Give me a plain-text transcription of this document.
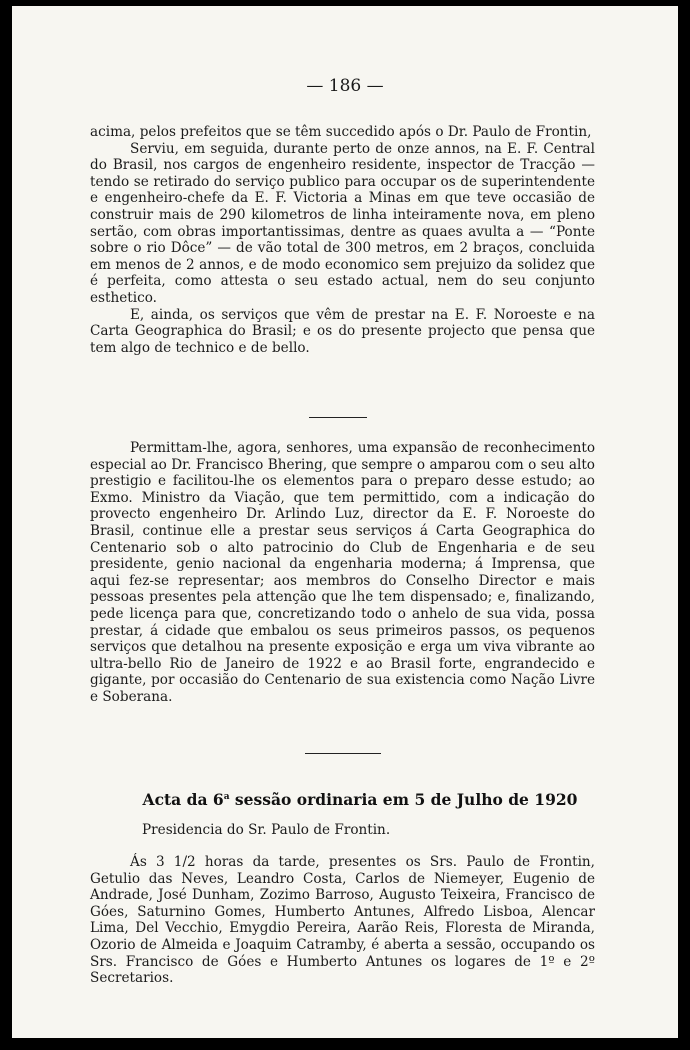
— 186 —

acima, pelos prefeitos que se têm succedido após o Dr. Paulo de Frontin,

Serviu, em seguida, durante perto de onze annos, na E. F. Central do Brasil, nos cargos de engenheiro residente, inspector de Tracção — tendo se retirado do serviço publico para occupar os de superintendente e engenheiro-chefe da E. F. Victoria a Minas em que teve occasião de construir mais de 290 kilometros de linha inteiramente nova, em pleno sertão, com obras importantissimas, dentre as quaes avulta a — “Ponte sobre o rio Dôce” — de vão total de 300 metros, em 2 braços, concluida em menos de 2 annos, e de modo economico sem prejuizo da solidez que é perfeita, como attesta o seu estado actual, nem do seu conjunto esthetico.

E, ainda, os serviços que vêm de prestar na E. F. Noroeste e na Carta Geographica do Brasil; e os do presente projecto que pensa que tem algo de technico e de bello.

Permittam-lhe, agora, senhores, uma expansão de reconhecimento especial ao Dr. Francisco Bhering, que sempre o amparou com o seu alto prestigio e facilitou-lhe os elementos para o preparo desse estudo; ao Exmo. Ministro da Viação, que tem permittido, com a indicação do provecto engenheiro Dr. Arlindo Luz, director da E. F. Noroeste do Brasil, continue elle a prestar seus serviços á Carta Geographica do Centenario sob o alto patrocinio do Club de Engenharia e de seu presidente, genio nacional da engenharia moderna; á Imprensa, que aqui fez-se representar; aos membros do Conselho Director e mais pessoas presentes pela attenção que lhe tem dispensado; e, finalizando, pede licença para que, concretizando todo o anhelo de sua vida, possa prestar, á cidade que embalou os seus primeiros passos, os pequenos serviços que detalhou na presente exposição e erga um viva vibrante ao ultra-bello Rio de Janeiro de 1922 e ao Brasil forte, engrandecido e gigante, por occasião do Centenario de sua existencia como Nação Livre e Soberana.

Acta da 6$^a$ sessão ordinaria em 5 de Julho de 1920
Presidencia do Sr. Paulo de Frontin.

Ás 3 1/2 horas da tarde, presentes os Srs. Paulo de Frontin, Getulio das Neves, Leandro Costa, Carlos de Niemeyer, Eugenio de Andrade, José Dunham, Zozimo Barroso, Augusto Teixeira, Francisco de Góes, Saturnino Gomes, Humberto Antunes, Alfredo Lisboa, Alencar Lima, Del Vecchio, Emygdio Pereira, Aarão Reis, Floresta de Miranda, Ozorio de Almeida e Joaquim Catramby, é aberta a sessão, occupando os Srs. Francisco de Góes e Humberto Antunes os logares de 1º e 2º Secretarios.
